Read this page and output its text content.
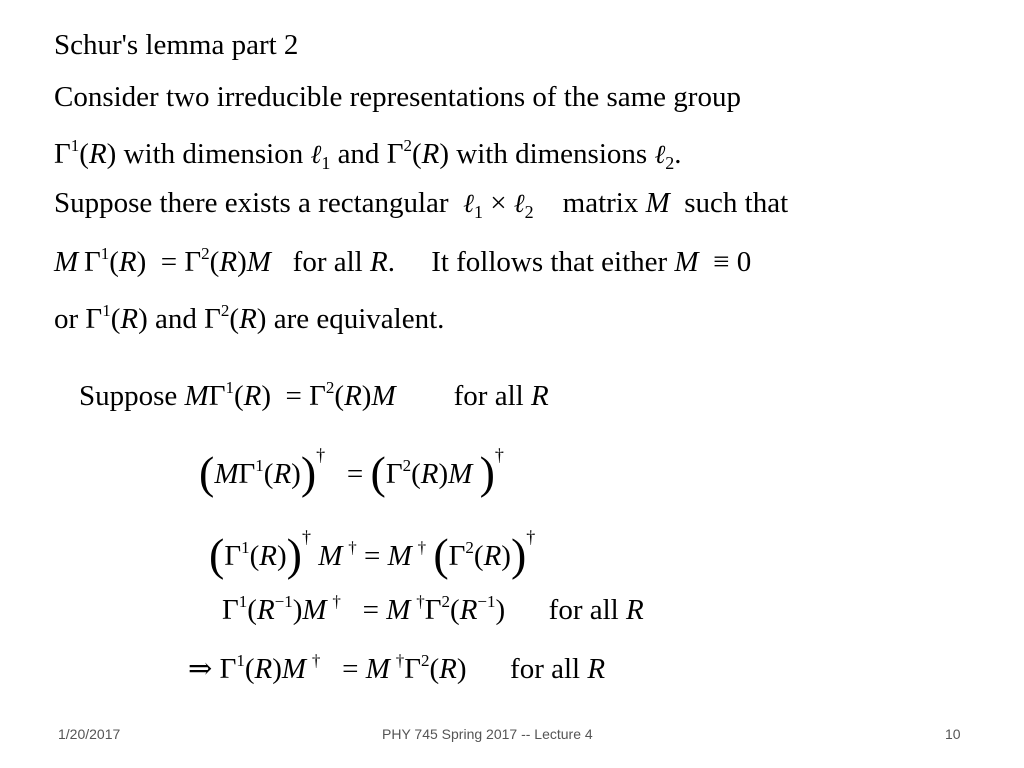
Schur's lemma part 2
Consider two irreducible representations of the same group
$\Gamma^1(R)$ with dimension ℓ$_1$ and $\Gamma^2(R)$ with dimensions ℓ$_2$.
Suppose there exists a rectangular ℓ$_1$ × ℓ$_2$ matrix M such that
M  $\Gamma^1(R) = \Gamma^2(R)M$ for all R.     It follows that either M ≡ 0
or $\Gamma^1(R)$ and $\Gamma^2(R)$ are equivalent.
Suppose $M\Gamma^1(R) = \Gamma^2(R)M$ for all R
$(M\Gamma^1(R))^\dagger = (\Gamma^2(R)M$ )†
$(\Gamma^1(R))^\dagger$ M  † = M  † $(\Gamma^2(R))^\dagger$
$\Gamma^1(R^{-1})M$  †   = M  $^\dagger\Gamma^2(R^{-1})$      for all R
⇒ $\Gamma^1(R)M$  †   = M  $^\dagger\Gamma^2(R)$      for all R
1/20/2017	PHY 745 Spring 2017 -- Lecture 4	10
